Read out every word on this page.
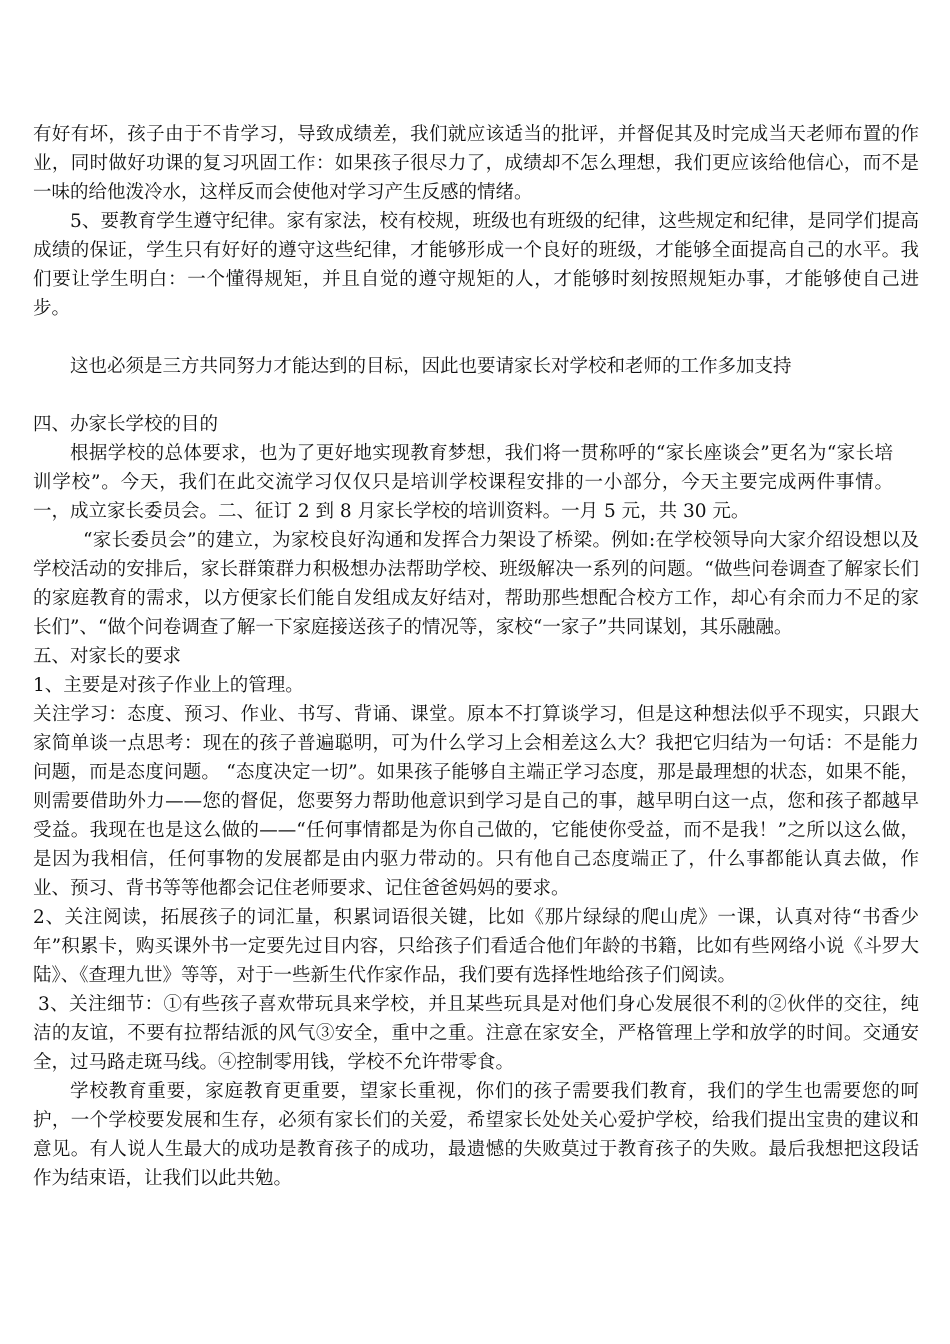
有好有坏，孩子由于不肯学习，导致成绩差，我们就应该适当的批评，并督促其及时完成当天老师布置的作业，同时做好功课的复习巩固工作：如果孩子很尽力了，成绩却不怎么理想，我们更应该给他信心，而不是一味的给他泼冷水，这样反而会使他对学习产生反感的情绪。

5、要教育学生遵守纪律。家有家法，校有校规，班级也有班级的纪律，这些规定和纪律，是同学们提高成绩的保证，学生只有好好的遵守这些纪律，才能够形成一个良好的班级，才能够全面提高自己的水平。我们要让学生明白：一个懂得规矩，并且自觉的遵守规矩的人，才能够时刻按照规矩办事，才能够使自己进步。

这也必须是三方共同努力才能达到的目标，因此也要请家长对学校和老师的工作多加支持

四、办家长学校的目的

根据学校的总体要求，也为了更好地实现教育梦想，我们将一贯称呼的“家长座谈会”更名为“家长培训学校”。今天，我们在此交流学习仅仅只是培训学校课程安排的一小部分，今天主要完成两件事情。一，成立家长委员会。二、征订 2 到 8 月家长学校的培训资料。一月 5 元，共 30 元。

“家长委员会”的建立，为家校良好沟通和发挥合力架设了桥梁。例如:在学校领导向大家介绍设想以及学校活动的安排后，家长群策群力积极想办法帮助学校、班级解决一系列的问题。“做些问卷调查了解家长们的家庭教育的需求，以方便家长们能自发组成友好结对，帮助那些想配合校方工作，却心有余而力不足的家长们”、“做个问卷调查了解一下家庭接送孩子的情况等，家校“一家子”共同谋划，其乐融融。

五、对家长的要求

1、主要是对孩子作业上的管理。

关注学习：态度、预习、作业、书写、背诵、课堂。原本不打算谈学习，但是这种想法似乎不现实，只跟大家简单谈一点思考：现在的孩子普遍聪明，可为什么学习上会相差这么大？我把它归结为一句话：不是能力问题，而是态度问题。 “态度决定一切”。如果孩子能够自主端正学习态度，那是最理想的状态，如果不能，则需要借助外力——您的督促，您要努力帮助他意识到学习是自己的事，越早明白这一点，您和孩子都越早受益。我现在也是这么做的——“任何事情都是为你自己做的，它能使你受益，而不是我！”之所以这么做，是因为我相信，任何事物的发展都是由内驱力带动的。只有他自己态度端正了，什么事都能认真去做，作业、预习、背书等等他都会记住老师要求、记住爸爸妈妈的要求。

2、关注阅读，拓展孩子的词汇量，积累词语很关键，比如《那片绿绿的爬山虎》一课，认真对待“书香少年”积累卡，购买课外书一定要先过目内容，只给孩子们看适合他们年龄的书籍，比如有些网络小说《斗罗大陆》、《查理九世》等等，对于一些新生代作家作品，我们要有选择性地给孩子们阅读。

3、关注细节：①有些孩子喜欢带玩具来学校，并且某些玩具是对他们身心发展很不利的②伙伴的交往，纯洁的友谊，不要有拉帮结派的风气③安全，重中之重。注意在家安全，严格管理上学和放学的时间。交通安全，过马路走斑马线。④控制零用钱，学校不允许带零食。

学校教育重要，家庭教育更重要，望家长重视，你们的孩子需要我们教育，我们的学生也需要您的呵护，一个学校要发展和生存，必须有家长们的关爱，希望家长处处关心爱护学校，给我们提出宝贵的建议和意见。有人说人生最大的成功是教育孩子的成功，最遗憾的失败莫过于教育孩子的失败。最后我想把这段话作为结束语，让我们以此共勉。
